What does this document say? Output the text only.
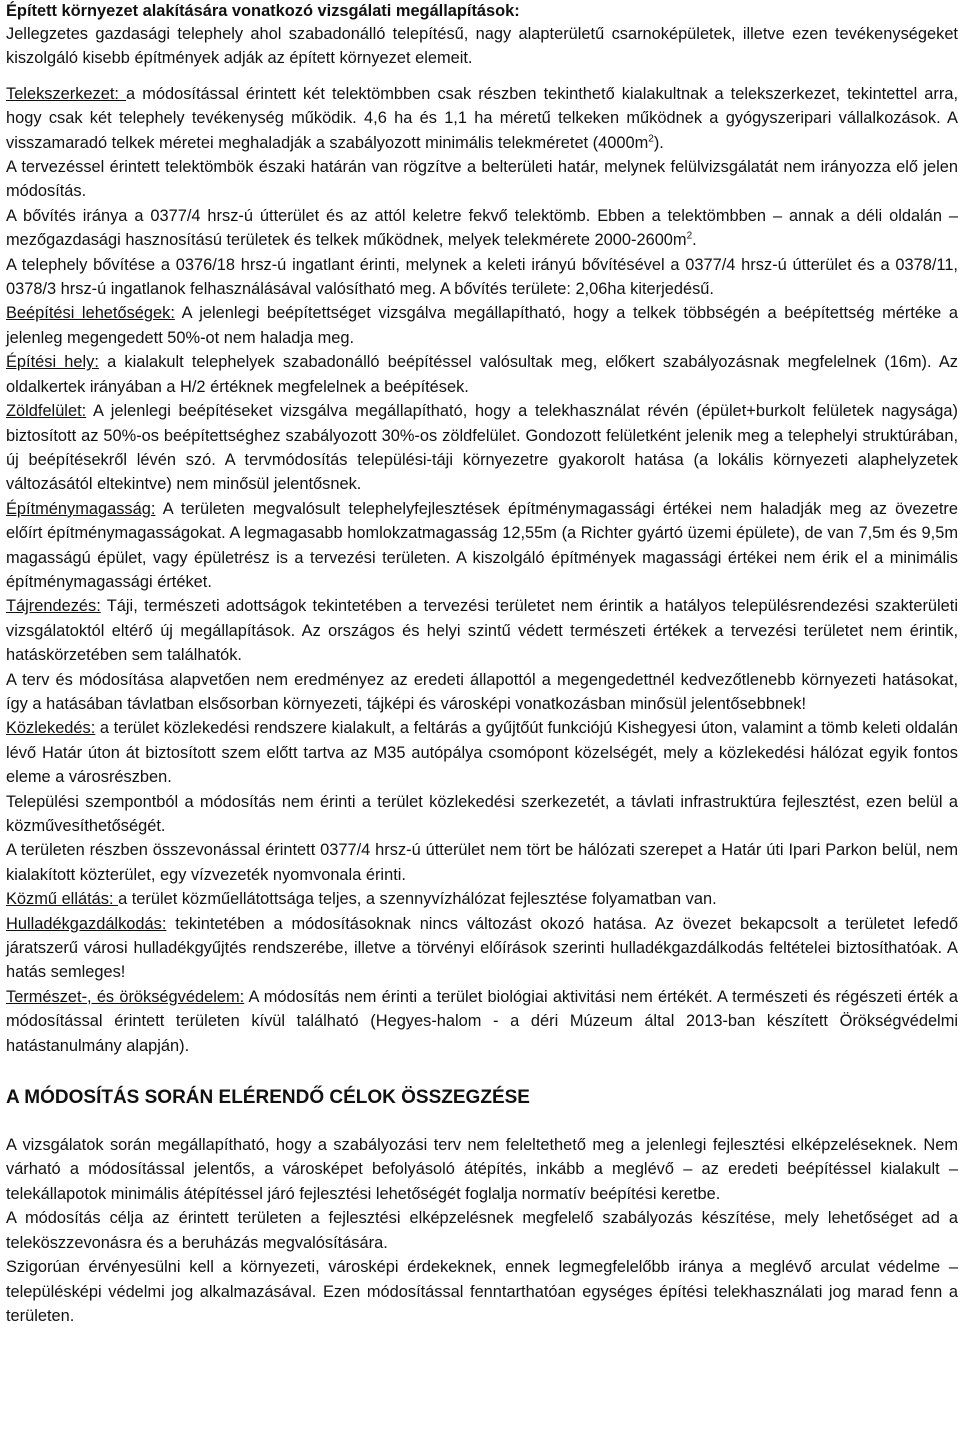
Épített környezet alakítására vonatkozó vizsgálati megállapítások:

Jellegzetes gazdasági telephely ahol szabadonálló telepítésű, nagy alapterületű csarnoképületek, illetve ezen tevékenységeket kiszolgáló kisebb építmények adják az épített környezet elemeit.

Telekszerkezet: a módosítással érintett két telektömbben csak részben tekinthető kialakultnak a telekszerkezet, tekintettel arra, hogy csak két telephely tevékenység működik. 4,6 ha és 1,1 ha méretű telkeken működnek a gyógyszeripari vállalkozások. A visszamaradó telkek méretei meghaladják a szabályozott minimális telekméretet $(4000m^2)$.

A tervezéssel érintett telektömbök északi határán van rögzítve a belterületi határ, melynek felülvizsgálatát nem irányozza elő jelen módosítás.

A bővítés iránya a 0377/4 hrsz-ú útterület és az attól keletre fekvő telektömb. Ebben a telektömbben – annak a déli oldalán – mezőgazdasági hasznosítású területek és telkek működnek, melyek telekmérete $2000-2600m^2$.

A telephely bővítése a 0376/18 hrsz-ú ingatlant érinti, melynek a keleti irányú bővítésével a 0377/4 hrsz-ú útterület és a 0378/11, 0378/3 hrsz-ú ingatlanok felhasználásával valósítható meg. A bővítés területe: 2,06ha kiterjedésű.

Beépítési lehetőségek: A jelenlegi beépítettséget vizsgálva megállapítható, hogy a telkek többségén a beépítettség mértéke a jelenleg megengedett 50%-ot nem haladja meg.

Építési hely: a kialakult telephelyek szabadonálló beépítéssel valósultak meg, előkert szabályozásnak megfelelnek (16m). Az oldalkertek irányában a H/2 értéknek megfelelnek a beépítések.

Zöldfelület: A jelenlegi beépítéseket vizsgálva megállapítható, hogy a telekhasználat révén (épület+burkolt felületek nagysága) biztosított az 50%-os beépítettséghez szabályozott 30%-os zöldfelület. Gondozott felületként jelenik meg a telephelyi struktúrában, új beépítésekről lévén szó. A tervmódosítás települési-táji környezetre gyakorolt hatása (a lokális környezeti alaphelyzetek változásától eltekintve) nem minősül jelentősnek.

Építménymagasság: A területen megvalósult telephelyfejlesztések építménymagassági értékei nem haladják meg az övezetre előírt építménymagasságokat. A legmagasabb homlokzatmagasság 12,55m (a Richter gyártó üzemi épülete), de van 7,5m és 9,5m magasságú épület, vagy épületrész is a tervezési területen. A kiszolgáló építmények magassági értékei nem érik el a minimális építménymagassági értéket.

Tájrendezés: Táji, természeti adottságok tekintetében a tervezési területet nem érintik a hatályos településrendezési szakterületi vizsgálatoktól eltérő új megállapítások. Az országos és helyi szintű védett természeti értékek a tervezési területet nem érintik, hatáskörzetében sem találhatók.

A terv és módosítása alapvetően nem eredményez az eredeti állapottól a megengedettnél kedvezőtlenebb környezeti hatásokat, így a hatásában távlatban elsősorban környezeti, tájképi és városképi vonatkozásban minősül jelentősebbnek!

Közlekedés: a terület közlekedési rendszere kialakult, a feltárás a gyűjtőút funkciójú Kishegyesi úton, valamint a tömb keleti oldalán lévő Határ úton át biztosított szem előtt tartva az M35 autópálya csomópont közelségét, mely a közlekedési hálózat egyik fontos eleme a városrészben.

Települési szempontból a módosítás nem érinti a terület közlekedési szerkezetét, a távlati infrastruktúra fejlesztést, ezen belül a közművesíthetőségét.

A területen részben összevonással érintett 0377/4 hrsz-ú útterület nem tört be hálózati szerepet a Határ úti Ipari Parkon belül, nem kialakított közterület, egy vízvezeték nyomvonala érinti.

Közmű ellátás: a terület közműellátottsága teljes, a szennyvízhálózat fejlesztése folyamatban van.

Hulladékgazdálkodás: tekintetében a módosításoknak nincs változást okozó hatása. Az övezet bekapcsolt a területet lefedő járatszerű városi hulladékgyűjtés rendszerébe, illetve a törvényi előírások szerinti hulladékgazdálkodás feltételei biztosíthatóak. A hatás semleges!

Természet-, és örökségvédelem: A módosítás nem érinti a terület biológiai aktivitási nem értékét. A természeti és régészeti érték a módosítással érintett területen kívül található (Hegyes-halom - a déri Múzeum által 2013-ban készített Örökségvédelmi hatástanulmány alapján).

A MÓDOSÍTÁS SORÁN ELÉRENDŐ CÉLOK ÖSSZEGZÉSE

A vizsgálatok során megállapítható, hogy a szabályozási terv nem feleltethető meg a jelenlegi fejlesztési elképzeléseknek. Nem várható a módosítással jelentős, a városképet befolyásoló átépítés, inkább a meglévő – az eredeti beépítéssel kialakult – telekállapotok minimális átépítéssel járó fejlesztési lehetőségét foglalja normatív beépítési keretbe.

A módosítás célja az érintett területen a fejlesztési elképzelésnek megfelelő szabályozás készítése, mely lehetőséget ad a teleköszzevonásra és a beruházás megvalósítására.

Szigorúan érvényesülni kell a környezeti, városképi érdekeknek, ennek legmegfelelőbb iránya a meglévő arculat védelme – településképi védelmi jog alkalmazásával. Ezen módosítással fenntarthatóan egységes építési telekhasználati jog marad fenn a területen.
